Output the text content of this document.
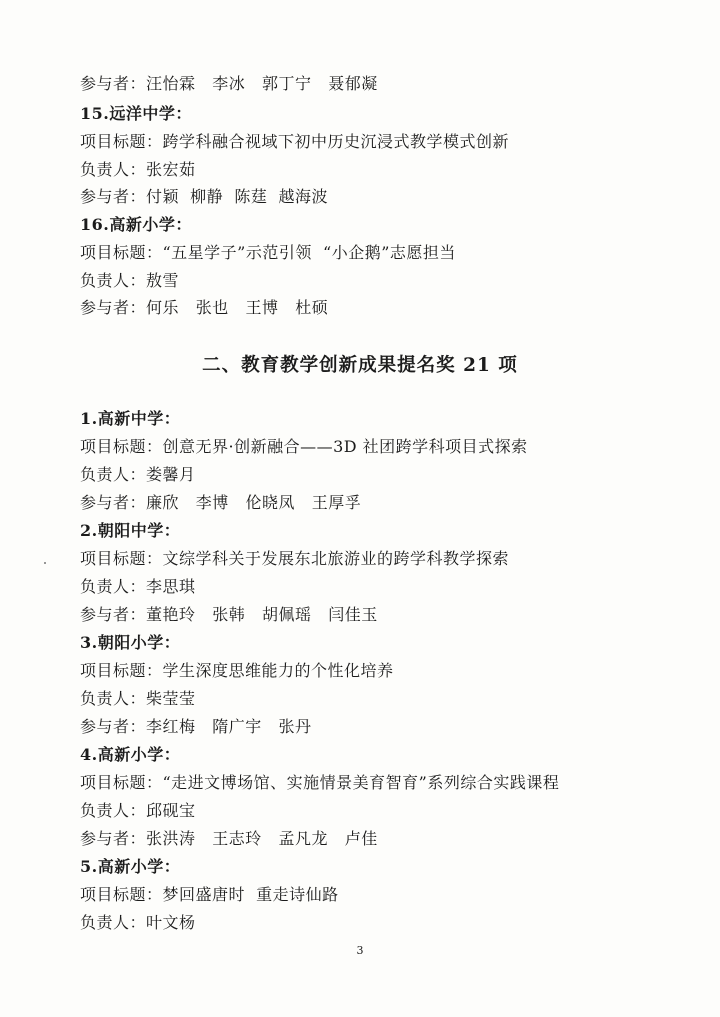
参与者：汪怡霖   李冰   郭丁宁   聂郁凝
15.远洋中学：
项目标题：跨学科融合视域下初中历史沉浸式教学模式创新
负责人：张宏茹
参与者：付颖  柳静  陈莛  越海波
16.高新小学：
项目标题：“五星学子”示范引领  “小企鹅”志愿担当
负责人：敖雪
参与者：何乐   张也   王博   杜硕
二、教育教学创新成果提名奖 21 项
1.高新中学：
项目标题：创意无界·创新融合——3D 社团跨学科项目式探索
负责人：娄馨月
参与者：廉欣   李博   伦晓凤   王厚孚
2.朝阳中学：
项目标题：文综学科关于发展东北旅游业的跨学科教学探索
负责人：李思琪
参与者：董艳玲   张韩   胡佩瑶   闫佳玉
3.朝阳小学：
项目标题：学生深度思维能力的个性化培养
负责人：柴莹莹
参与者：李红梅   隋广宇   张丹
4.高新小学：
项目标题：“走进文博场馆、实施情景美育智育”系列综合实践课程
负责人：邱砚宝
参与者：张洪涛   王志玲   孟凡龙   卢佳
5.高新小学：
项目标题：梦回盛唐时  重走诗仙路
负责人：叶文杨
3
